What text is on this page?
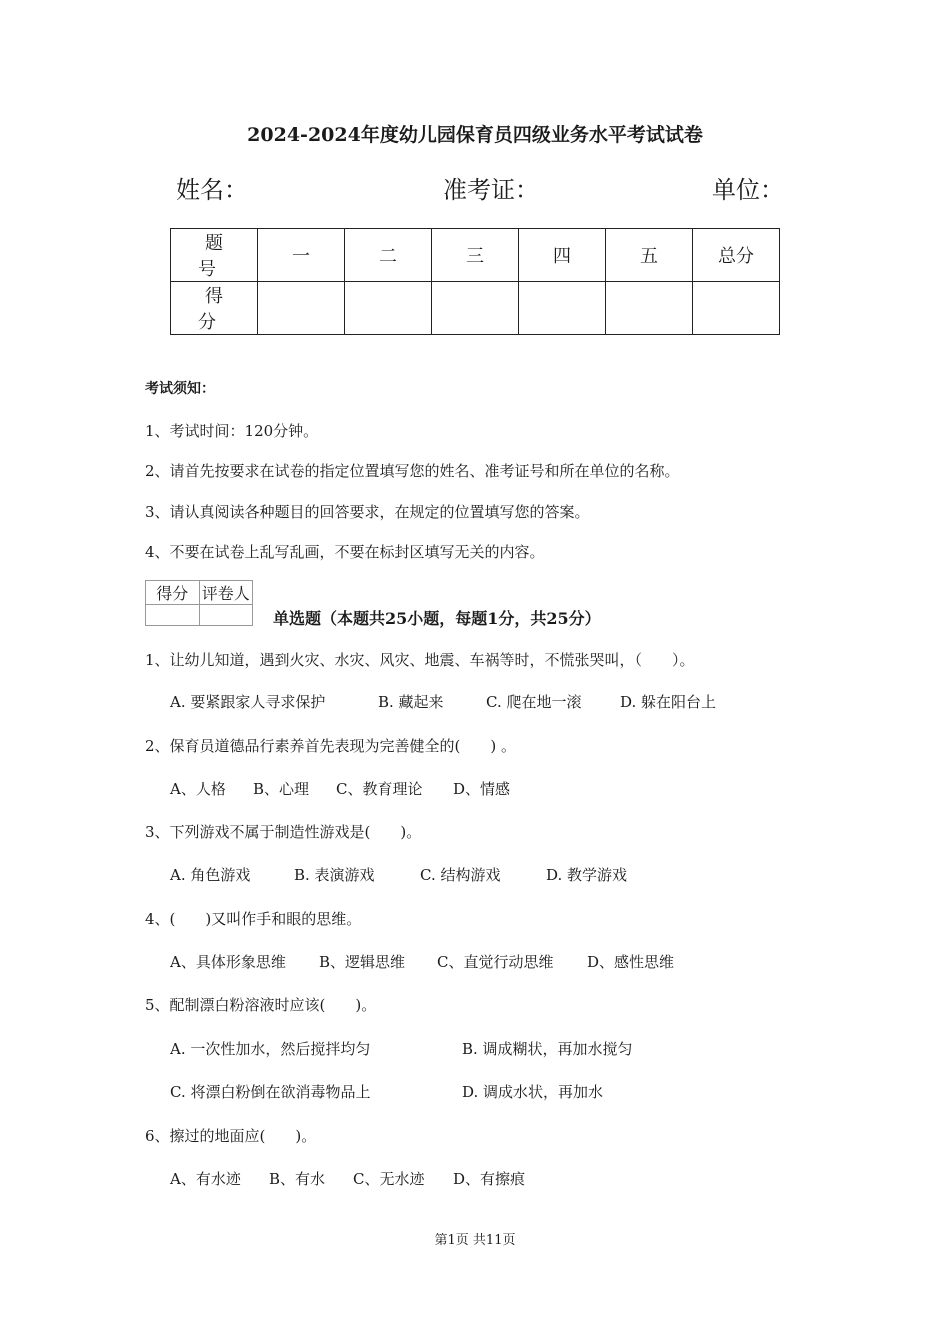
2024-2024年度幼儿园保育员四级业务水平考试试卷
姓名：	准考证：	单位：
题 号	一	二	三	四	五	总分
得 分						
考试须知：
1、考试时间：120分钟。
2、请首先按要求在试卷的指定位置填写您的姓名、准考证号和所在单位的名称。
3、请认真阅读各种题目的回答要求，在规定的位置填写您的答案。
4、不要在试卷上乱写乱画，不要在标封区填写无关的内容。
得分	评卷人

单选题（本题共25小题，每题1分，共25分）
1、让幼儿知道，遇到火灾、水灾、风灾、地震、车祸等时，不慌张哭叫，（　　）。
A. 要紧跟家人寻求保护	B. 藏起来	C. 爬在地一滚	D. 躲在阳台上
2、保育员道德品行素养首先表现为完善健全的(　　) 。
A、人格 B、心理 C、教育理论 D、情感
3、下列游戏不属于制造性游戏是(　　)。
A. 角色游戏	B. 表演游戏	C. 结构游戏	D. 教学游戏
4、(　　)又叫作手和眼的思维。
A、具体形象思维 B、逻辑思维 C、直觉行动思维 D、感性思维
5、配制漂白粉溶液时应该(　　)。
A. 一次性加水，然后搅拌均匀	B. 调成糊状，再加水搅匀
C. 将漂白粉倒在欲消毒物品上	D. 调成水状，再加水
6、擦过的地面应(　　)。
A、有水迹 B、有水 C、无水迹 D、有擦痕
第1页 共11页
